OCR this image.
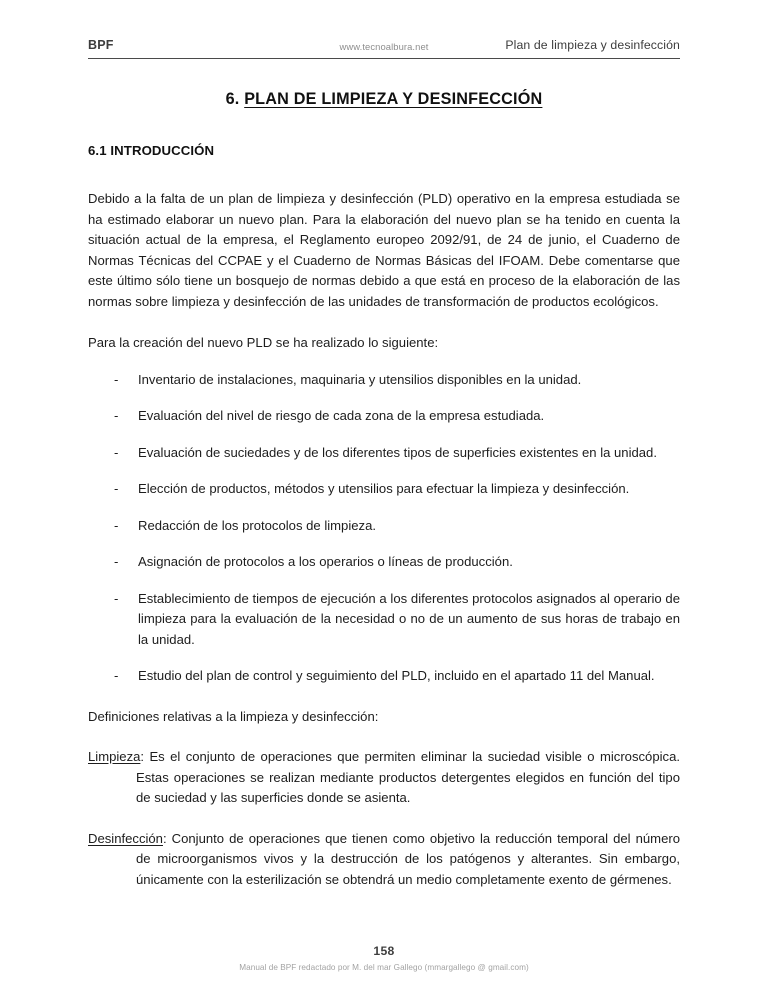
BPF	www.tecnoalbura.net	Plan de limpieza y desinfección
6. PLAN DE LIMPIEZA Y DESINFECCIÓN
6.1 INTRODUCCIÓN

Debido a la falta de un plan de limpieza y desinfección (PLD) operativo en la empresa estudiada se ha estimado elaborar un nuevo plan. Para la elaboración del nuevo plan se ha tenido en cuenta la situación actual de la empresa, el Reglamento europeo 2092/91, de 24 de junio, el Cuaderno de Normas Técnicas del CCPAE y el Cuaderno de Normas Básicas del IFOAM. Debe comentarse que este último sólo tiene un bosquejo de normas debido a que está en proceso de la elaboración de las normas sobre limpieza y desinfección de las unidades de transformación de productos ecológicos.

Para la creación del nuevo PLD se ha realizado lo siguiente:

- Inventario de instalaciones, maquinaria y utensilios disponibles en la unidad.
- Evaluación del nivel de riesgo de cada zona de la empresa estudiada.
- Evaluación de suciedades y de los diferentes tipos de superficies existentes en la unidad.
- Elección de productos, métodos y utensilios para efectuar la limpieza y desinfección.
- Redacción de los protocolos de limpieza.
- Asignación de protocolos a los operarios o líneas de producción.
- Establecimiento de tiempos de ejecución a los diferentes protocolos asignados al operario de limpieza para la evaluación de la necesidad o no de un aumento de sus horas de trabajo en la unidad.
- Estudio del plan de control y seguimiento del PLD, incluido en el apartado 11 del Manual.

Definiciones relativas a la limpieza y desinfección:

Limpieza: Es el conjunto de operaciones que permiten eliminar la suciedad visible o microscópica. Estas operaciones se realizan mediante productos detergentes elegidos en función del tipo de suciedad y las superficies donde se asienta.

Desinfección: Conjunto de operaciones que tienen como objetivo la reducción temporal del número de microorganismos vivos y la destrucción de los patógenos y alterantes. Sin embargo, únicamente con la esterilización se obtendrá un medio completamente exento de gérmenes.

158
Manual de BPF redactado por M. del mar Gallego (mmargallego @ gmail.com)
